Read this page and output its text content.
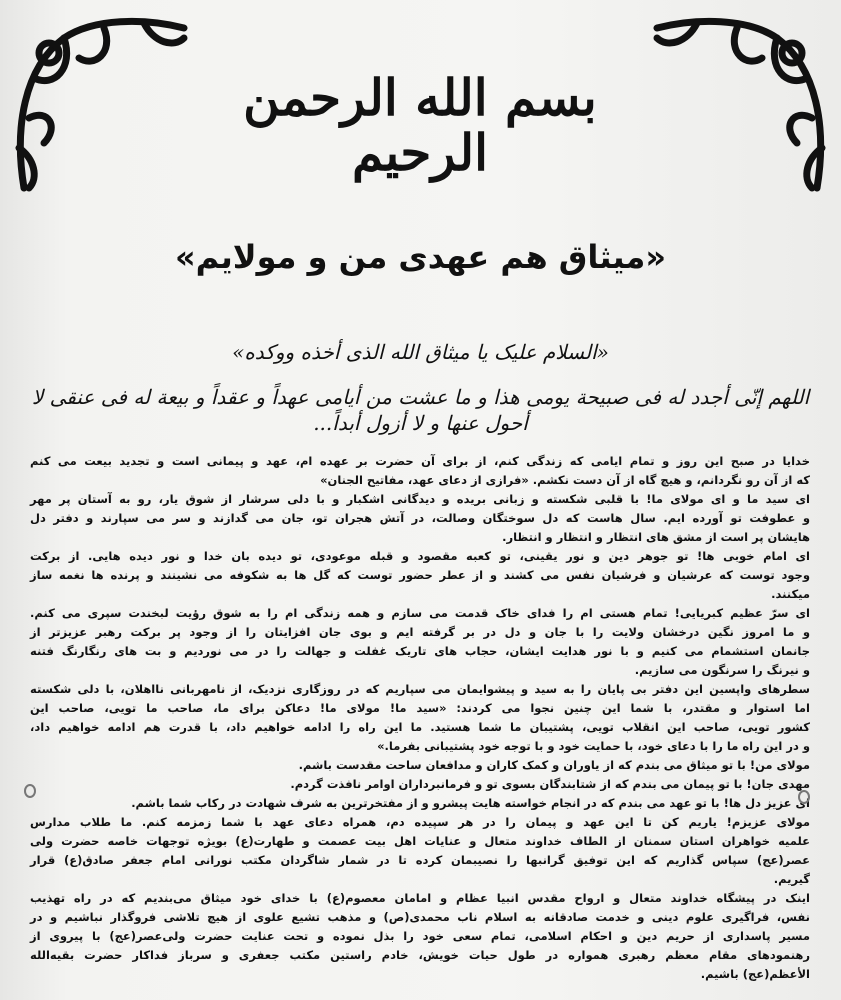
بسم الله الرحمن الرحیم
«میثاق هم عهدی من و مولایم»
«السلام علیک یا میثاق الله الذی أخذه ووکده»
اللهم إنّی أجدد له فی صبیحة یومی هذا و ما عشت من أیامی عهداً و عقداً و بیعة له فی عنقی لا أحول عنها و لا أزول أبداً...
خدایا در صبح این روز و تمام ایامی که زندگی کنم، از برای آن حضرت بر عهده ام، عهد و پیمانی است و تجدید بیعت می کنم
که از آن رو نگردانم، و هیچ گاه از آن دست نکشم. «فرازی از دعای عهد، مفاتیح الجنان»
ای سید ما و ای مولای ما! با قلبی شکسته و زبانی بریده و دیدگانی اشکبار و با دلی سرشار از شوق یار، رو به آستان پر مهر
و عطوفت تو آورده ایم. سال هاست که دل سوختگان وصالت، در آتش هجران تو، جان می گدازند و سر می سپارند و دفتر دل
هایشان پر است از مشق های انتظار و انتظار و انتظار.
ای امام خوبی ها! تو جوهر دین و نور یقینی، تو کعبه مقصود و قبله موعودی، تو دیده بان خدا و نور دیده هایی. از برکت
وجود توست که عرشیان و فرشیان نفس می کشند و از عطر حضور توست که گل ها به شکوفه می نشینند و پرنده ها نغمه ساز
میکنند.
ای سرّ عظیم کبریایی! تمام هستی ام را فدای خاک قدمت می سازم و همه زندگی ام را به شوق رؤیت لبخندت سپری می کنم.
و ما امروز نگین درخشان ولایت را با جان و دل در بر گرفته ایم و بوی جان افزایتان را از وجود پر برکت رهبر عزیزتر از
جانمان استشمام می کنیم و با نور هدایت ایشان، حجاب های تاریک غفلت و جهالت را در می نوردیم و بت های رنگارنگ فتنه
و نیرنگ را سرنگون می سازیم.
سطرهای واپسین این دفتر بی پایان را به سید و پیشوایمان می سپاریم که در روزگاری نزدیک، از نامهربانی نااهلان، با دلی شکسته
اما استوار و مقتدر، با شما این چنین نجوا می کردند: «سید ما! مولای ما! دعاکن برای ما، صاحب ما تویی، صاحب این
کشور تویی، صاحب این انقلاب تویی، پشتیبان ما شما هستید. ما این راه را ادامه خواهیم داد، با قدرت هم ادامه خواهیم داد،
و در این راه ما را با دعای خود، با حمایت خود و با توجه خود پشتیبانی بفرما.»
مولای من! با تو میثاق می بندم که از یاوران و کمک کاران و مدافعان ساحت مقدست باشم.
مهدی جان! با تو پیمان می بندم که از شتابندگان بسوی تو و فرمانبرداران اوامر نافذت گردم.
ای عزیز دل ها! با تو عهد می بندم که در انجام خواسته هایت پیشرو و از مفتخرترین به شرف شهادت در رکاب شما باشم.
مولای عزیزم! یاریم کن تا این عهد و پیمان را در هر سپیده دم، همراه دعای عهد با شما زمزمه کنم. ما طلاب مدارس
علمیه خواهران استان سمنان از الطاف خداوند متعال و عنایات اهل بیت عصمت و طهارت(ع) بویژه توجهات خاصه حضرت ولی
عصر(عج) سپاس گذاریم که این توفیق گرانبها را نصیبمان کرده تا در شمار شاگردان مکتب نورانی امام جعفر صادق(ع) قرار
گیریم.
اینک در پیشگاه خداوند متعال و ارواح مقدس انبیا عظام و امامان معصوم(ع) با خدای خود میثاق می‌بندیم که در راه تهذیب
نفس، فراگیری علوم دینی و خدمت صادقانه به اسلام ناب محمدی(ص) و مذهب تشیع علوی از هیچ تلاشی فروگذار نباشیم و در
مسیر پاسداری از حریم دین و احکام اسلامی، تمام سعی خود را بذل نموده و تحت عنایت حضرت ولی‌عصر(عج) با پیروی از
رهنمودهای مقام معظم رهبری همواره در طول حیات خویش، خادم راستین مکتب جعفری و سرباز فداکار حضرت بقیه‌الله
الأعظم(عج) باشیم.
